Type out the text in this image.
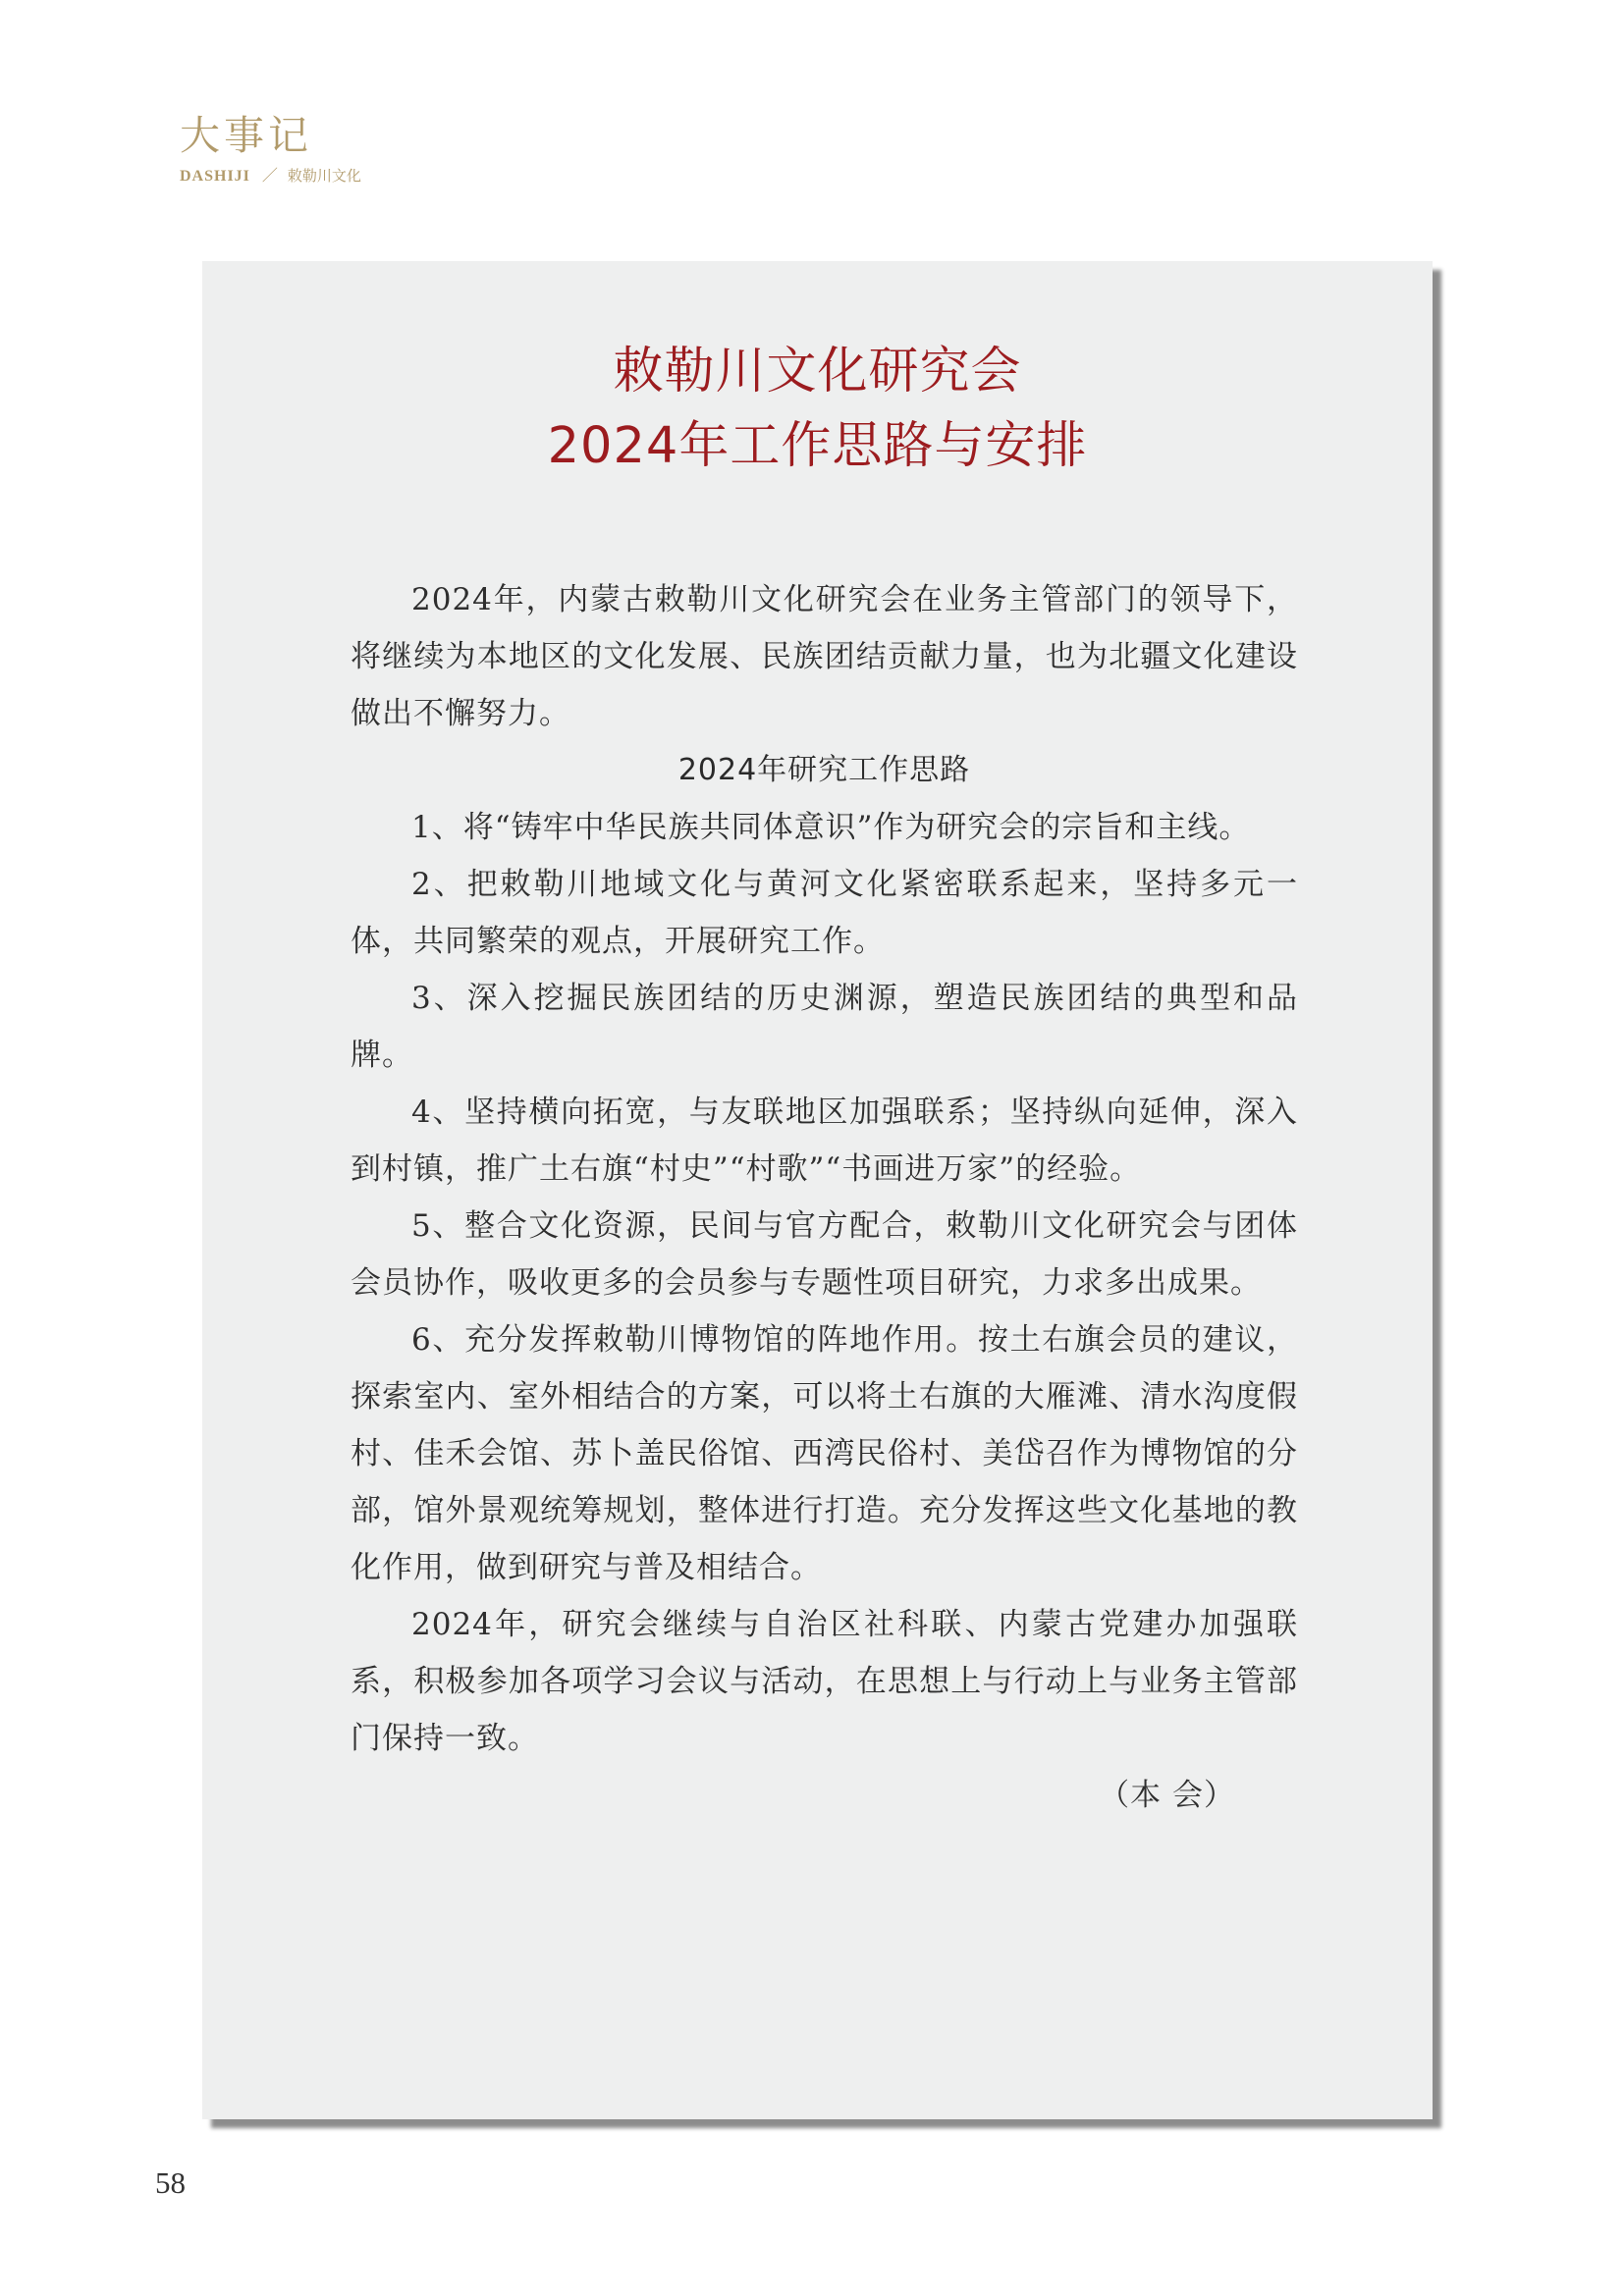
大事记
DASHIJI ／ 敕勒川文化
敕勒川文化研究会
2024年工作思路与安排

2024年，内蒙古敕勒川文化研究会在业务主管部门的领导下，将继续为本地区的文化发展、民族团结贡献力量，也为北疆文化建设做出不懈努力。

2024年研究工作思路

1、将“铸牢中华民族共同体意识”作为研究会的宗旨和主线。

2、把敕勒川地域文化与黄河文化紧密联系起来，坚持多元一体，共同繁荣的观点，开展研究工作。

3、深入挖掘民族团结的历史渊源，塑造民族团结的典型和品牌。

4、坚持横向拓宽，与友联地区加强联系；坚持纵向延伸，深入到村镇，推广土右旗“村史”“村歌”“书画进万家”的经验。

5、整合文化资源，民间与官方配合，敕勒川文化研究会与团体会员协作，吸收更多的会员参与专题性项目研究，力求多出成果。

6、充分发挥敕勒川博物馆的阵地作用。按土右旗会员的建议，探索室内、室外相结合的方案，可以将土右旗的大雁滩、清水沟度假村、佳禾会馆、苏卜盖民俗馆、西湾民俗村、美岱召作为博物馆的分部，馆外景观统筹规划，整体进行打造。充分发挥这些文化基地的教化作用，做到研究与普及相结合。

2024年，研究会继续与自治区社科联、内蒙古党建办加强联系，积极参加各项学习会议与活动，在思想上与行动上与业务主管部门保持一致。

（本 会）

58
